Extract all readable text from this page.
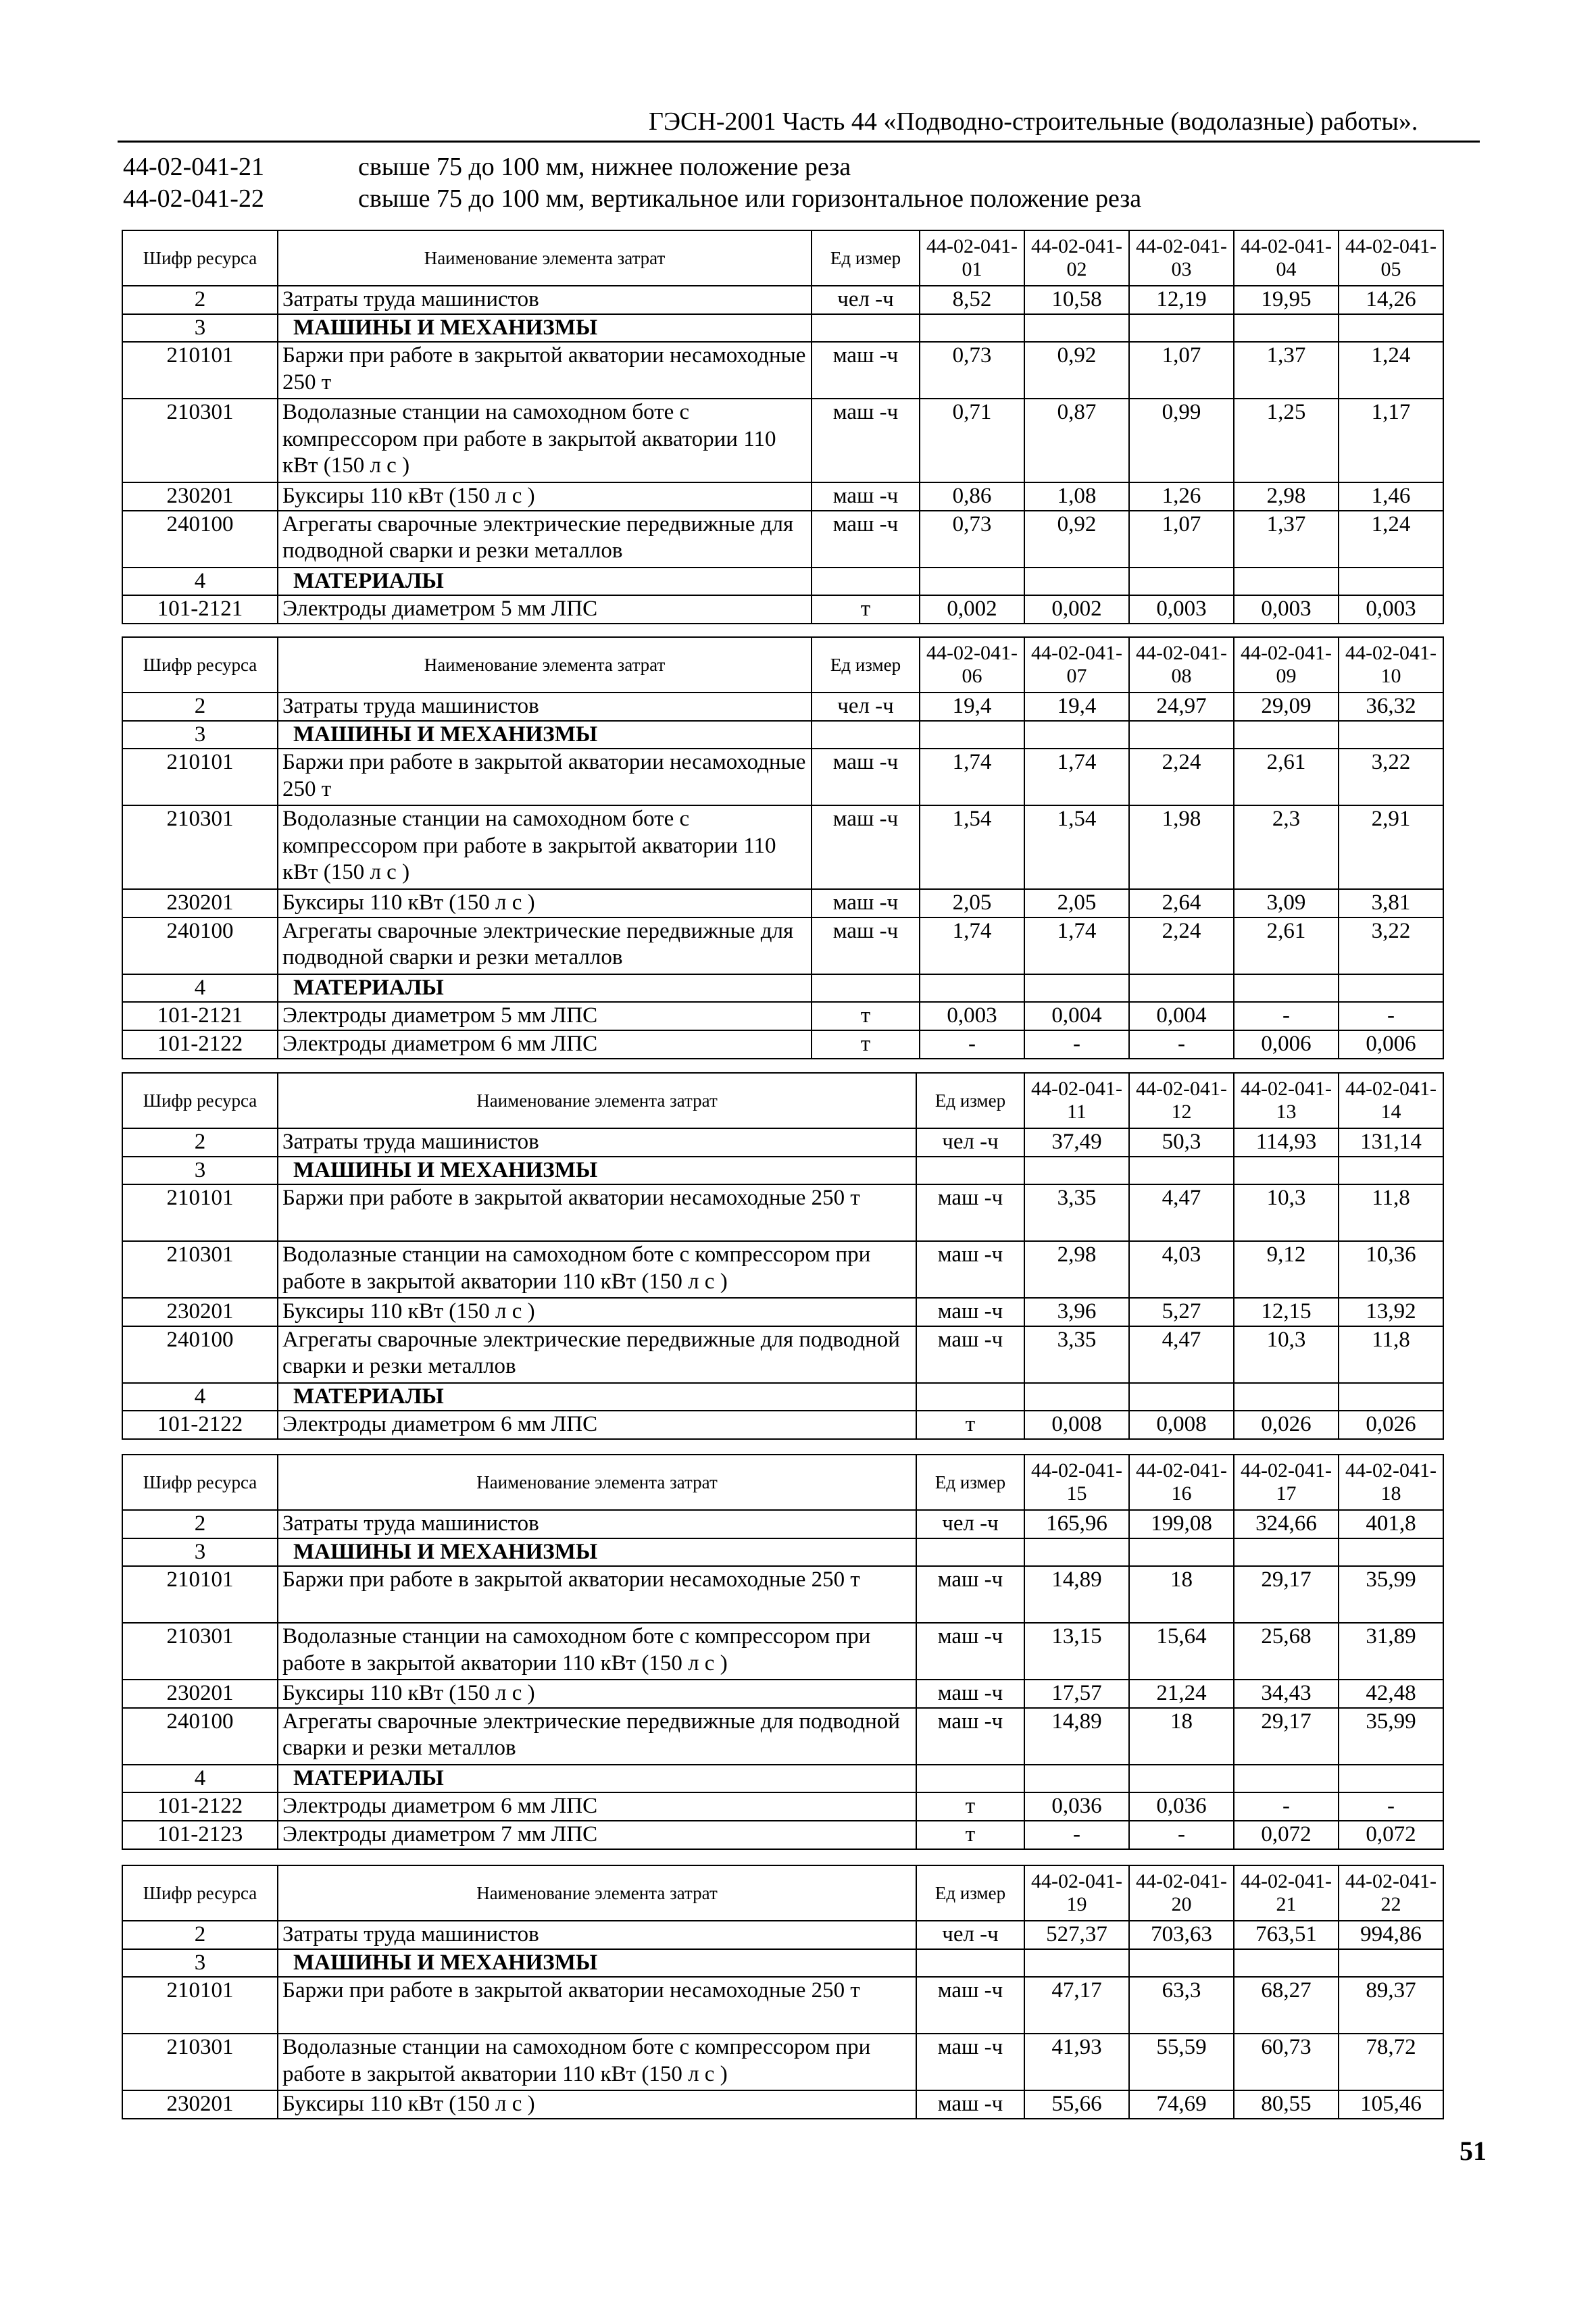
ГЭСН-2001 Часть 44 «Подводно-строительные (водолазные) работы».
44-02-041-21	свыше 75 до 100 мм, нижнее положение реза
44-02-041-22	свыше 75 до 100 мм, вертикальное или горизонтальное положение реза
Шифр ресурса	Наименование элемента затрат	Ед измер	44-02-041-01	44-02-041-02	44-02-041-03	44-02-041-04	44-02-041-05
2	Затраты труда машинистов	чел -ч	8,52	10,58	12,19	19,95	14,26
3	МАШИНЫ И МЕХАНИЗМЫ						
210101	Баржи при работе в закрытой акватории несамоходные 250 т	маш -ч	0,73	0,92	1,07	1,37	1,24
210301	Водолазные станции на самоходном боте с компрессором при работе в закрытой акватории 110 кВт (150 л с )	маш -ч	0,71	0,87	0,99	1,25	1,17
230201	Буксиры 110 кВт (150 л с )	маш -ч	0,86	1,08	1,26	2,98	1,46
240100	Агрегаты сварочные электрические передвижные для подводной сварки и резки металлов	маш -ч	0,73	0,92	1,07	1,37	1,24
4	МАТЕРИАЛЫ						
101-2121	Электроды диаметром 5 мм ЛПС	т	0,002	0,002	0,003	0,003	0,003
Шифр ресурса	Наименование элемента затрат	Ед измер	44-02-041-06	44-02-041-07	44-02-041-08	44-02-041-09	44-02-041-10
2	Затраты труда машинистов	чел -ч	19,4	19,4	24,97	29,09	36,32
3	МАШИНЫ И МЕХАНИЗМЫ						
210101	Баржи при работе в закрытой акватории несамоходные 250 т	маш -ч	1,74	1,74	2,24	2,61	3,22
210301	Водолазные станции на самоходном боте с компрессором при работе в закрытой акватории 110 кВт (150 л с )	маш -ч	1,54	1,54	1,98	2,3	2,91
230201	Буксиры 110 кВт (150 л с )	маш -ч	2,05	2,05	2,64	3,09	3,81
240100	Агрегаты сварочные электрические передвижные для подводной сварки и резки металлов	маш -ч	1,74	1,74	2,24	2,61	3,22
4	МАТЕРИАЛЫ						
101-2121	Электроды диаметром 5 мм ЛПС	т	0,003	0,004	0,004	-	-
101-2122	Электроды диаметром 6 мм ЛПС	т	-	-	-	0,006	0,006
Шифр ресурса	Наименование элемента затрат	Ед измер	44-02-041-11	44-02-041-12	44-02-041-13	44-02-041-14
2	Затраты труда машинистов	чел -ч	37,49	50,3	114,93	131,14
3	МАШИНЫ И МЕХАНИЗМЫ					
210101	Баржи при работе в закрытой акватории несамоходные 250 т	маш -ч	3,35	4,47	10,3	11,8
210301	Водолазные станции на самоходном боте с компрессором при работе в закрытой акватории 110 кВт (150 л с )	маш -ч	2,98	4,03	9,12	10,36
230201	Буксиры 110 кВт (150 л с )	маш -ч	3,96	5,27	12,15	13,92
240100	Агрегаты сварочные электрические передвижные для подводной сварки и резки металлов	маш -ч	3,35	4,47	10,3	11,8
4	МАТЕРИАЛЫ					
101-2122	Электроды диаметром 6 мм ЛПС	т	0,008	0,008	0,026	0,026
Шифр ресурса	Наименование элемента затрат	Ед измер	44-02-041-15	44-02-041-16	44-02-041-17	44-02-041-18
2	Затраты труда машинистов	чел -ч	165,96	199,08	324,66	401,8
3	МАШИНЫ И МЕХАНИЗМЫ					
210101	Баржи при работе в закрытой акватории несамоходные 250 т	маш -ч	14,89	18	29,17	35,99
210301	Водолазные станции на самоходном боте с компрессором при работе в закрытой акватории 110 кВт (150 л с )	маш -ч	13,15	15,64	25,68	31,89
230201	Буксиры 110 кВт (150 л с )	маш -ч	17,57	21,24	34,43	42,48
240100	Агрегаты сварочные электрические передвижные для подводной сварки и резки металлов	маш -ч	14,89	18	29,17	35,99
4	МАТЕРИАЛЫ					
101-2122	Электроды диаметром 6 мм ЛПС	т	0,036	0,036	-	-
101-2123	Электроды диаметром 7 мм ЛПС	т	-	-	0,072	0,072
Шифр ресурса	Наименование элемента затрат	Ед измер	44-02-041-19	44-02-041-20	44-02-041-21	44-02-041-22
2	Затраты труда машинистов	чел -ч	527,37	703,63	763,51	994,86
3	МАШИНЫ И МЕХАНИЗМЫ					
210101	Баржи при работе в закрытой акватории несамоходные 250 т	маш -ч	47,17	63,3	68,27	89,37
210301	Водолазные станции на самоходном боте с компрессором при работе в закрытой акватории 110 кВт (150 л с )	маш -ч	41,93	55,59	60,73	78,72
230201	Буксиры 110 кВт (150 л с )	маш -ч	55,66	74,69	80,55	105,46
51
